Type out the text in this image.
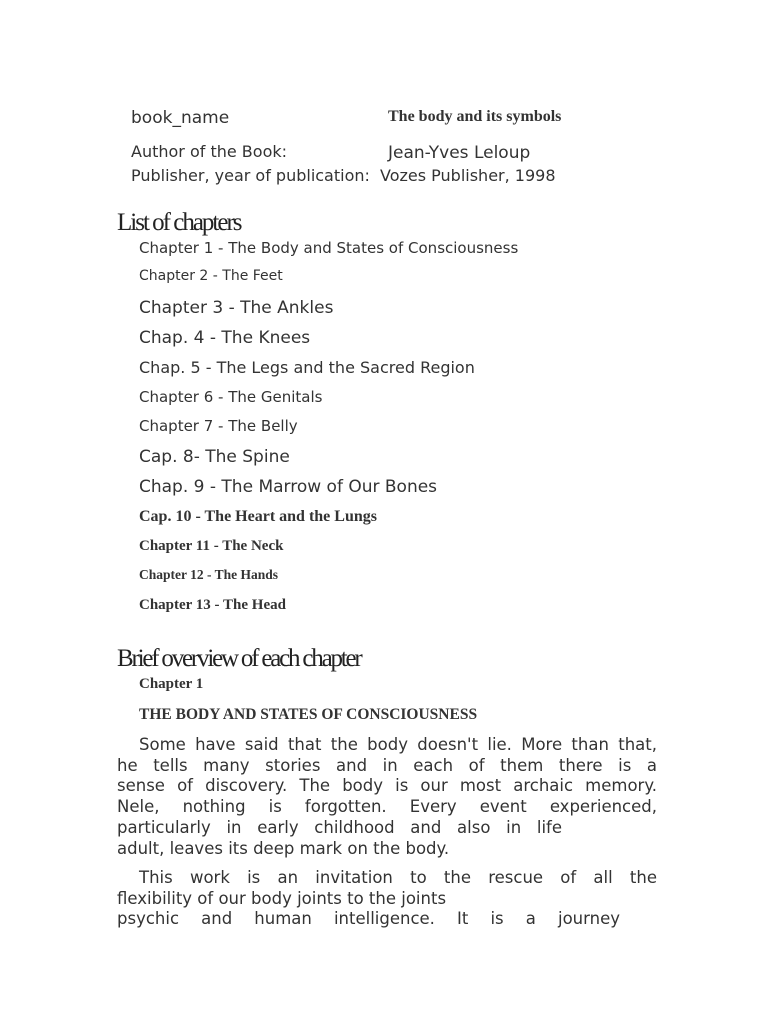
book_name	The body and its symbols
Author of the Book:	Jean-Yves Leloup
Publisher, year of publication: Vozes Publisher, 1998
List of chapters
Chapter 1 - The Body and States of Consciousness
Chapter 2 - The Feet
Chapter 3 - The Ankles
Chap. 4 - The Knees
Chap. 5 - The Legs and the Sacred Region
Chapter 6 - The Genitals
Chapter 7 - The Belly
Cap. 8- The Spine
Chap. 9 - The Marrow of Our Bones
Cap. 10 - The Heart and the Lungs
Chapter 11 - The Neck
Chapter 12 - The Hands
Chapter 13 - The Head
Brief overview of each chapter
Chapter 1
THE BODY AND STATES OF CONSCIOUSNESS
Some have said that the body doesn't lie. More than that,
he tells many stories and in each of them there is a
sense of discovery. The body is our most archaic memory.
Nele, nothing is forgotten. Every event experienced,
particularly in early childhood and also in life
adult, leaves its deep mark on the body.
This work is an invitation to the rescue of all the
flexibility of our body joints to the joints
psychic and human intelligence. It is a journey
